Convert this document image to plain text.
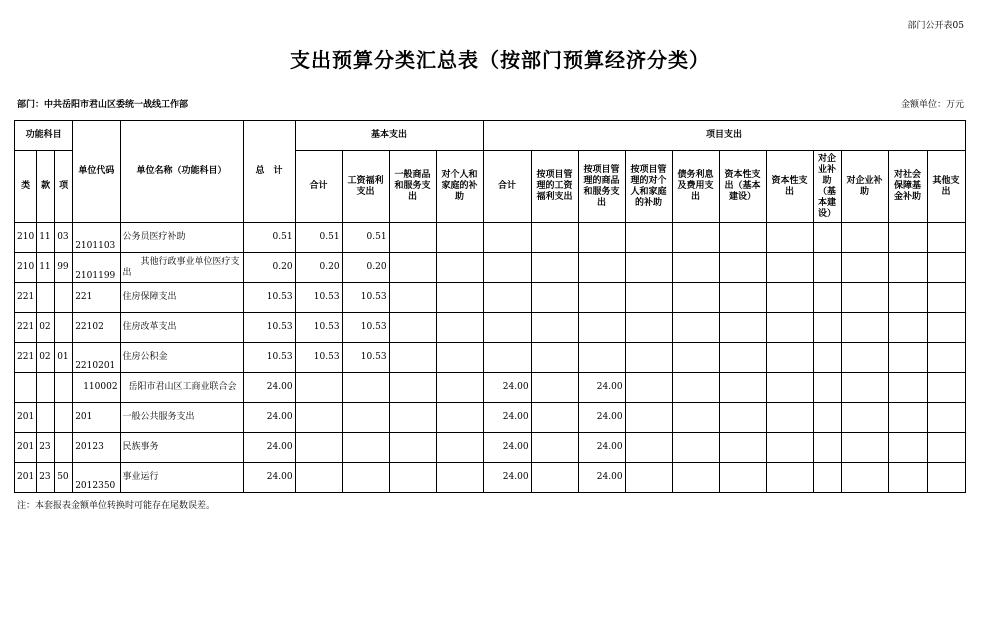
部门公开表05
支出预算分类汇总表（按部门预算经济分类）
部门：中共岳阳市君山区委统一战线工作部	金额单位：万元
功能科目			单位代码	单位名称（功能科目）	总　计	基本支出				项目支出										
类	款	项				合计	工资福利支出	一般商品和服务支出	对个人和家庭的补助	合计	按项目管理的工资福利支出	按项目管理的商品和服务支出	按项目管理的对个人和家庭的补助	债务利息及费用支出	资本性支出（基本建设）	资本性支出	对企业补助（基本建设）	对企业补助	对社会保障基金补助	其他支出
210	11	03	2101103	公务员医疗补助	0.51	0.51	0.51													
210	11	99	2101199	其他行政事业单位医疗支出	0.20	0.20	0.20													
221			221	住房保障支出	10.53	10.53	10.53													
221	02		22102	住房改革支出	10.53	10.53	10.53													
221	02	01	2210201	住房公积金	10.53	10.53	10.53													
			110002	岳阳市君山区工商业联合会	24.00					24.00		24.00								
201			201	一般公共服务支出	24.00					24.00		24.00								
201	23		20123	民族事务	24.00					24.00		24.00								
201	23	50	2012350	事业运行	24.00					24.00		24.00								
注：本套报表金额单位转换时可能存在尾数误差。
